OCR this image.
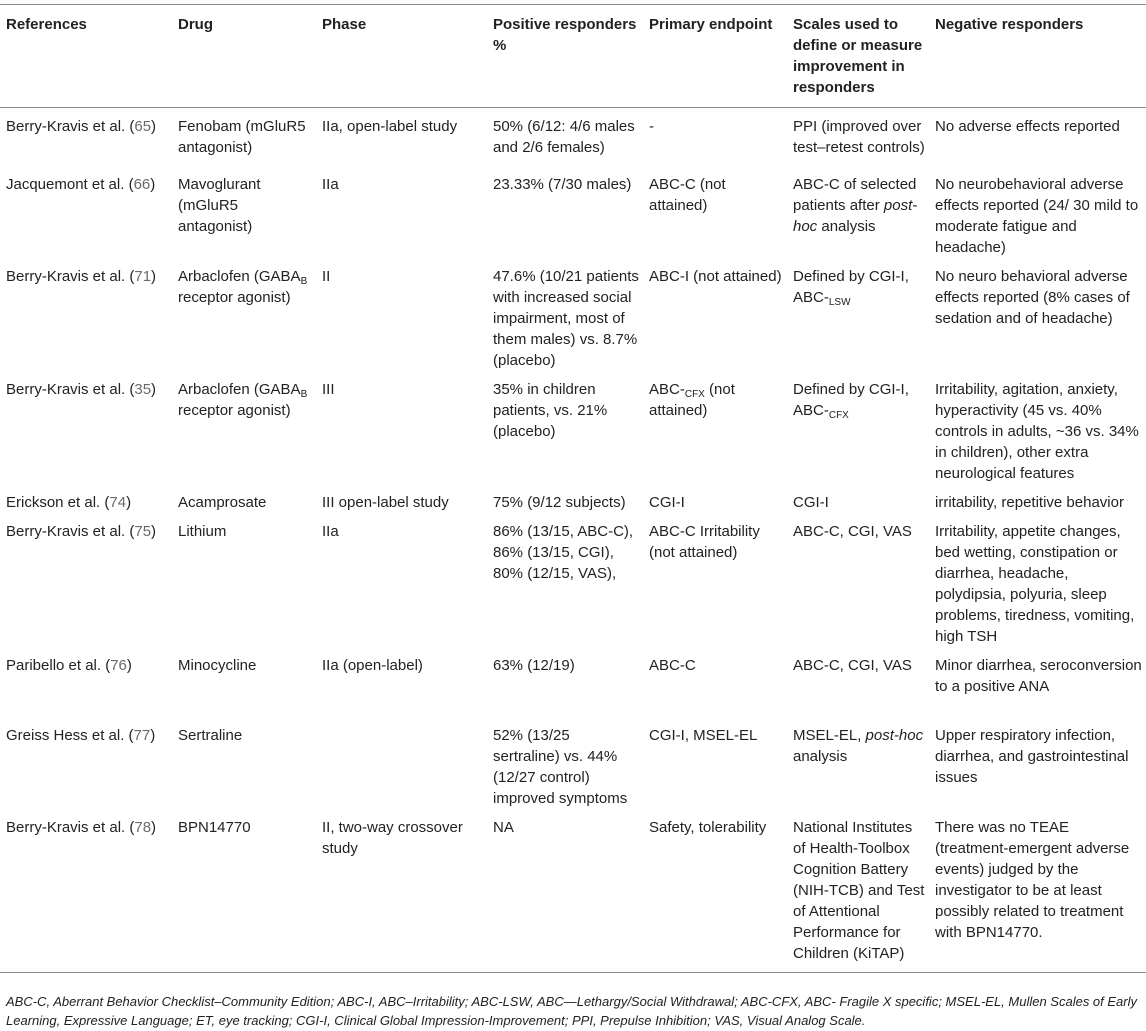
References	Drug	Phase	Positive responders %	Primary endpoint	Scales used to define or measure improvement in responders	Negative responders
Berry-Kravis et al. (65)	Fenobam (mGluR5 antagonist)	IIa, open-label study	50% (6/12: 4/6 males and 2/6 females)	-	PPI (improved over test–retest controls)	No adverse effects reported
Jacquemont et al. (66)	Mavoglurant (mGluR5 antagonist)	IIa	23.33% (7/30 males)	ABC-C (not attained)	ABC-C of selected patients after post-hoc analysis	No neurobehavioral adverse effects reported (24/ 30 mild to moderate fatigue and headache)
Berry-Kravis et al. (71)	Arbaclofen ($GABA_B$ receptor agonist)	II	47.6% (10/21 patients with increased social impairment, most of them males) vs. 8.7% (placebo)	ABC-I (not attained)	Defined by CGI-I, ABC-$_{LSW}$	No neuro behavioral adverse effects reported (8% cases of sedation and of headache)
Berry-Kravis et al. (35)	Arbaclofen ($GABA_B$ receptor agonist)	III	35% in children patients, vs. 21% (placebo)	ABC-$_{CFX}$ (not attained)	Defined by CGI-I, ABC-$_{CFX}$	Irritability, agitation, anxiety, hyperactivity (45 vs. 40% controls in adults, ~36 vs. 34% in children), other extra neurological features
Erickson et al. (74)	Acamprosate	III open-label study	75% (9/12 subjects)	CGI-I	CGI-I	irritability, repetitive behavior
Berry-Kravis et al. (75)	Lithium	IIa	86% (13/15, ABC-C), 86% (13/15, CGI), 80% (12/15, VAS),	ABC-C Irritability (not attained)	ABC-C, CGI, VAS	Irritability, appetite changes, bed wetting, constipation or diarrhea, headache, polydipsia, polyuria, sleep problems, tiredness, vomiting, high TSH
Paribello et al. (76)	Minocycline	IIa (open-label)	63% (12/19)	ABC-C	ABC-C, CGI, VAS	Minor diarrhea, seroconversion to a positive ANA
Greiss Hess et al. (77)	Sertraline		52% (13/25 sertraline) vs. 44% (12/27 control) improved symptoms	CGI-I, MSEL-EL	MSEL-EL, post-hoc analysis	Upper respiratory infection, diarrhea, and gastrointestinal issues
Berry-Kravis et al. (78)	BPN14770	II, two-way crossover study	NA	Safety, tolerability	National Institutes of Health-Toolbox Cognition Battery (NIH-TCB) and Test of Attentional Performance for Children (KiTAP)	There was no TEAE (treatment-emergent adverse events) judged by the investigator to be at least possibly related to treatment with BPN14770.
ABC-C, Aberrant Behavior Checklist–Community Edition; ABC-I, ABC–Irritability; ABC-LSW, ABC—Lethargy/Social Withdrawal; ABC-CFX, ABC- Fragile X specific; MSEL-EL, Mullen Scales of Early Learning, Expressive Language; ET, eye tracking; CGI-I, Clinical Global Impression-Improvement; PPI, Prepulse Inhibition; VAS, Visual Analog Scale.
